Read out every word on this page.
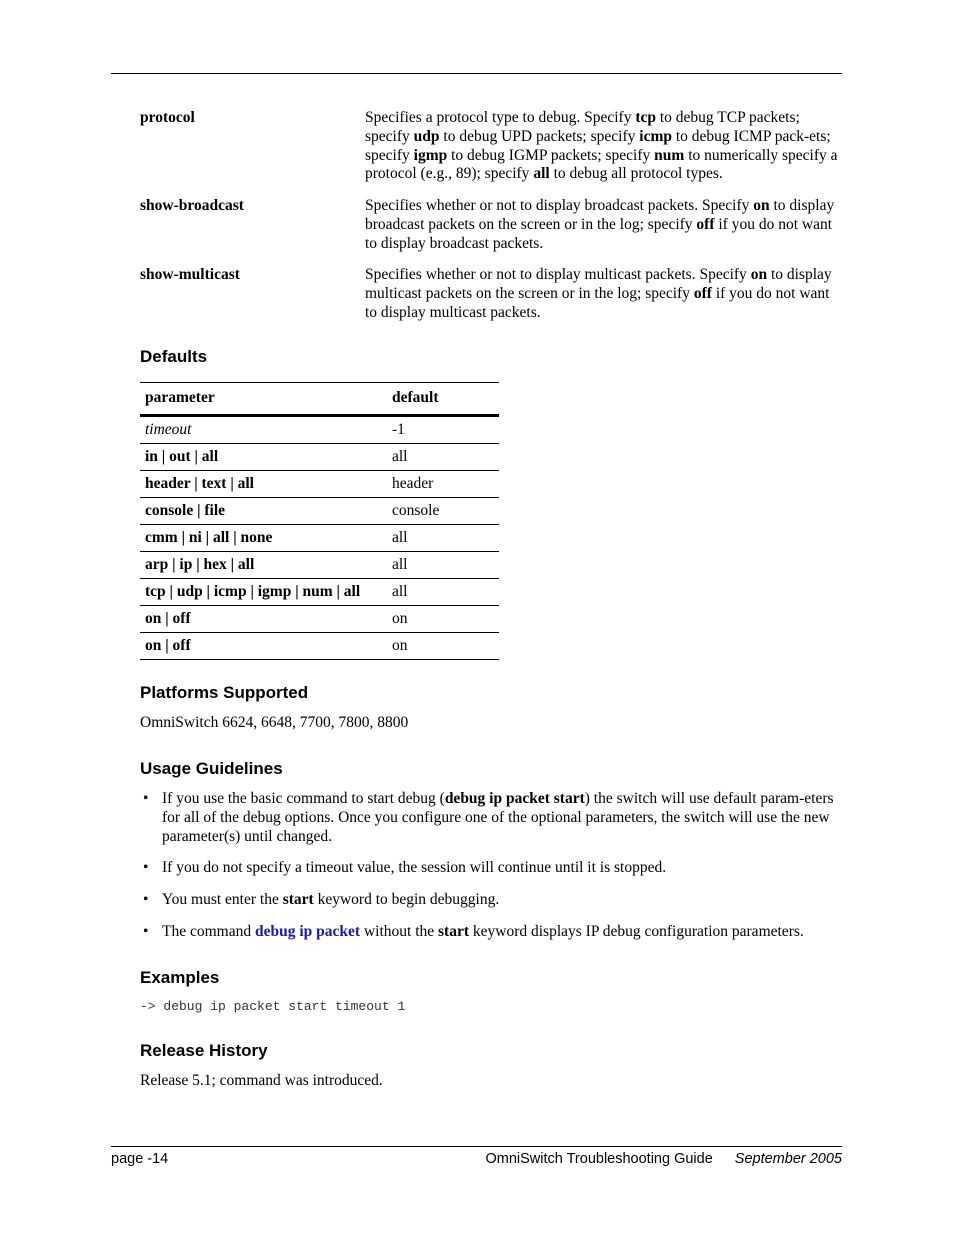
protocol	Specifies a protocol type to debug. Specify tcp to debug TCP packets; specify udp to debug UPD packets; specify icmp to debug ICMP pack-ets; specify igmp to debug IGMP packets; specify num to numerically specify a protocol (e.g., 89); specify all to debug all protocol types.
show-broadcast	Specifies whether or not to display broadcast packets. Specify on to display broadcast packets on the screen or in the log; specify off if you do not want to display broadcast packets.
show-multicast	Specifies whether or not to display multicast packets. Specify on to display multicast packets on the screen or in the log; specify off if you do not want to display multicast packets.
Defaults
parameter	default
timeout	-1
in | out | all	all
header | text | all	header
console | file	console
cmm | ni | all | none	all
arp | ip | hex | all	all
tcp | udp | icmp | igmp | num | all	all
on | off	on
on | off	on
Platforms Supported
OmniSwitch 6624, 6648, 7700, 7800, 8800
Usage Guidelines
• If you use the basic command to start debug (debug ip packet start) the switch will use default param-eters for all of the debug options. Once you configure one of the optional parameters, the switch will use the new parameter(s) until changed.
• If you do not specify a timeout value, the session will continue until it is stopped.
• You must enter the start keyword to begin debugging.
• The command debug ip packet without the start keyword displays IP debug configuration parameters.
Examples
-> debug ip packet start timeout 1
Release History
Release 5.1; command was introduced.
page -14	OmniSwitch Troubleshooting Guide September 2005
